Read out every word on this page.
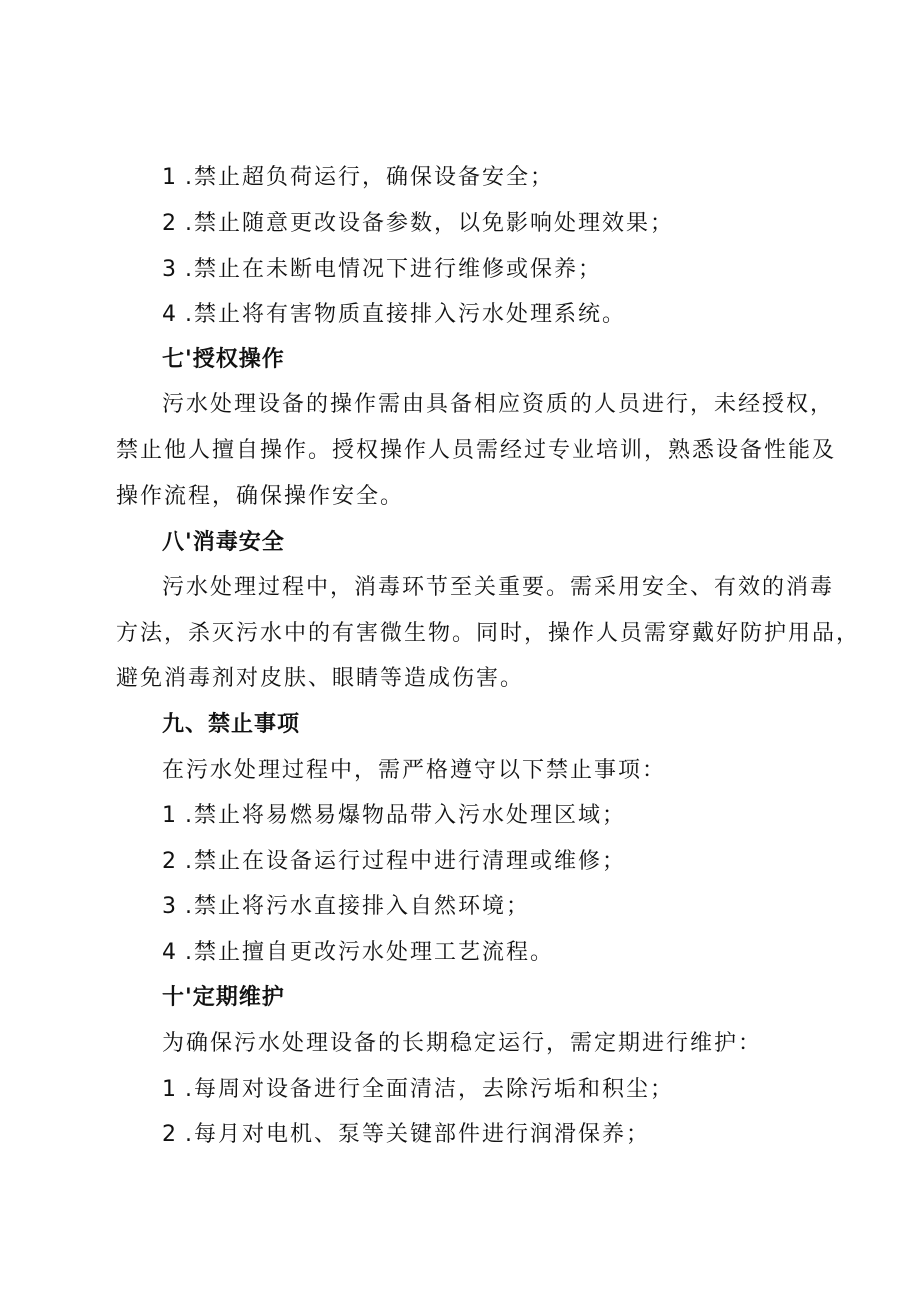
1 .禁止超负荷运行，确保设备安全；
2 .禁止随意更改设备参数，以免影响处理效果；
3 .禁止在未断电情况下进行维修或保养；
4 .禁止将有害物质直接排入污水处理系统。
七'授权操作
污水处理设备的操作需由具备相应资质的人员进行，未经授权，
禁止他人擅自操作。授权操作人员需经过专业培训，熟悉设备性能及
操作流程，确保操作安全。
八'消毒安全
污水处理过程中，消毒环节至关重要。需采用安全、有效的消毒
方法，杀灭污水中的有害微生物。同时，操作人员需穿戴好防护用品，
避免消毒剂对皮肤、眼睛等造成伤害。
九、禁止事项
在污水处理过程中，需严格遵守以下禁止事项：
1 .禁止将易燃易爆物品带入污水处理区域；
2 .禁止在设备运行过程中进行清理或维修；
3 .禁止将污水直接排入自然环境；
4 .禁止擅自更改污水处理工艺流程。
十'定期维护
为确保污水处理设备的长期稳定运行，需定期进行维护：
1 .每周对设备进行全面清洁，去除污垢和积尘；
2 .每月对电机、泵等关键部件进行润滑保养；
